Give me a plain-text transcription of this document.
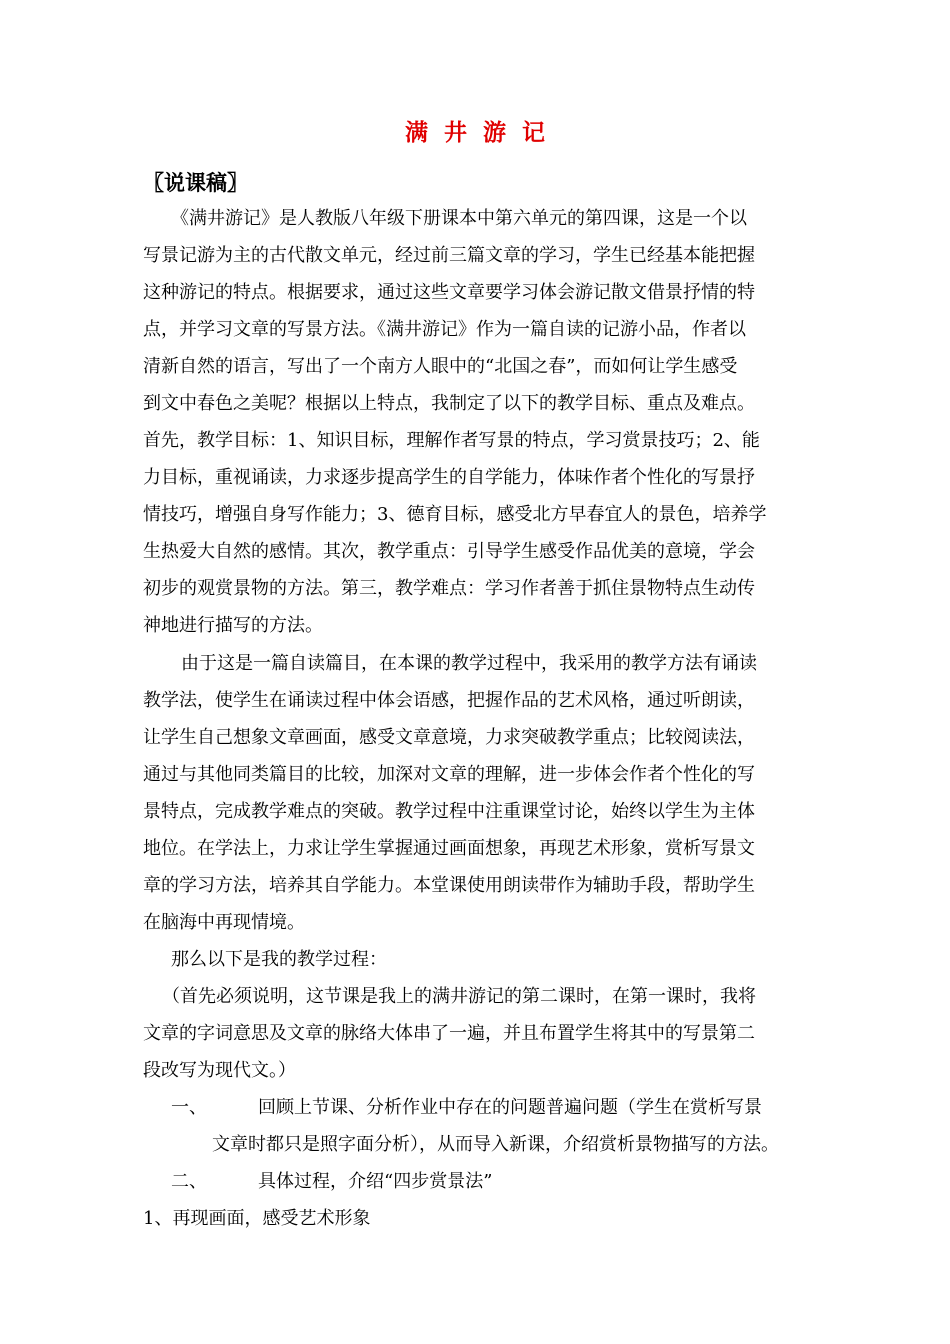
满  井  游  记
〖说课稿〗
《满井游记》是人教版八年级下册课本中第六单元的第四课，这是一个以
写景记游为主的古代散文单元，经过前三篇文章的学习，学生已经基本能把握
这种游记的特点。根据要求，通过这些文章要学习体会游记散文借景抒情的特
点，并学习文章的写景方法。《满井游记》作为一篇自读的记游小品，作者以
清新自然的语言，写出了一个南方人眼中的“北国之春”，而如何让学生感受
到文中春色之美呢？根据以上特点，我制定了以下的教学目标、重点及难点。
首先，教学目标：1、知识目标，理解作者写景的特点，学习赏景技巧；2、能
力目标，重视诵读，力求逐步提高学生的自学能力，体味作者个性化的写景抒
情技巧，增强自身写作能力；3、德育目标，感受北方早春宜人的景色，培养学
生热爱大自然的感情。其次，教学重点：引导学生感受作品优美的意境，学会
初步的观赏景物的方法。第三，教学难点：学习作者善于抓住景物特点生动传
神地进行描写的方法。
由于这是一篇自读篇目，在本课的教学过程中，我采用的教学方法有诵读
教学法，使学生在诵读过程中体会语感，把握作品的艺术风格，通过听朗读，
让学生自己想象文章画面，感受文章意境，力求突破教学重点；比较阅读法，
通过与其他同类篇目的比较，加深对文章的理解，进一步体会作者个性化的写
景特点，完成教学难点的突破。教学过程中注重课堂讨论，始终以学生为主体
地位。在学法上，力求让学生掌握通过画面想象，再现艺术形象，赏析写景文
章的学习方法，培养其自学能力。本堂课使用朗读带作为辅助手段，帮助学生
在脑海中再现情境。
那么以下是我的教学过程：
（首先必须说明，这节课是我上的满井游记的第二课时，在第一课时，我将
文章的字词意思及文章的脉络大体串了一遍，并且布置学生将其中的写景第二
段改写为现代文。）
一、	回顾上节课、分析作业中存在的问题普遍问题（学生在赏析写景
文章时都只是照字面分析），从而导入新课，介绍赏析景物描写的方法。
二、	具体过程，介绍“四步赏景法”
1、再现画面，感受艺术形象
